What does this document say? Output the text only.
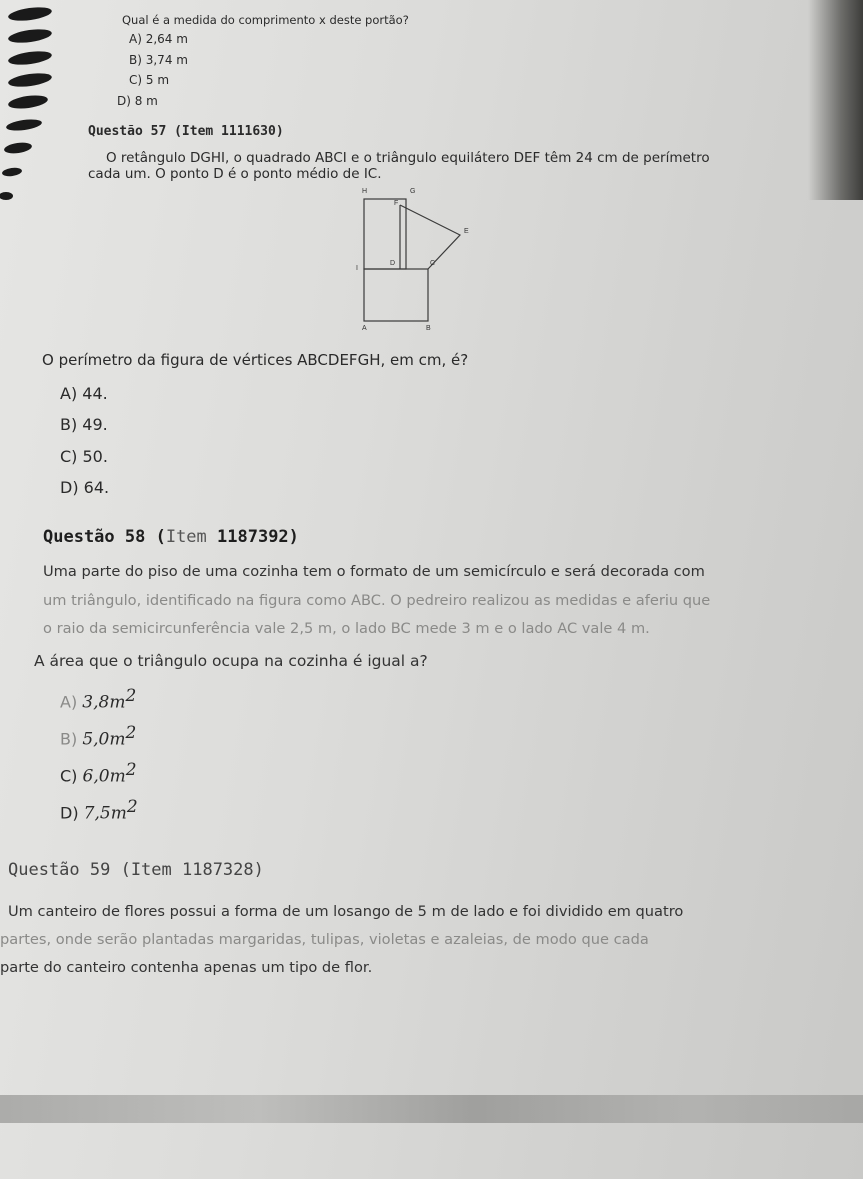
Qual é a medida do comprimento x deste portão?
A) 2,64 m
B) 3,74 m
C) 5 m
D) 8 m
Questão 57 (Item 1111630)
O retângulo DGHI, o quadrado ABCI e o triângulo equilátero DEF têm 24 cm de perímetro
cada um. O ponto D é o ponto médio de IC.
H	G
F
E
I
D	C
A	B
O perímetro da figura de vértices ABCDEFGH, em cm, é?
A) 44.
B) 49.
C) 50.
D) 64.
Questão 58 (Item 1187392)
Uma parte do piso de uma cozinha tem o formato de um semicírculo e será decorada com
um triângulo, identificado na figura como ABC. O pedreiro realizou as medidas e aferiu que
o raio da semicircunferência vale 2,5 m, o lado BC mede 3 m e o lado AC vale 4 m.
A área que o triângulo ocupa na cozinha é igual a?
A) $3,8m^2$
B) $5,0m^2$
C) $6,0m^2$
D) $7,5m^2$
Questão 59 (Item 1187328)
Um canteiro de flores possui a forma de um losango de 5 m de lado e foi dividido em quatro
partes, onde serão plantadas margaridas, tulipas, violetas e azaleias, de modo que cada
parte do canteiro contenha apenas um tipo de flor.
